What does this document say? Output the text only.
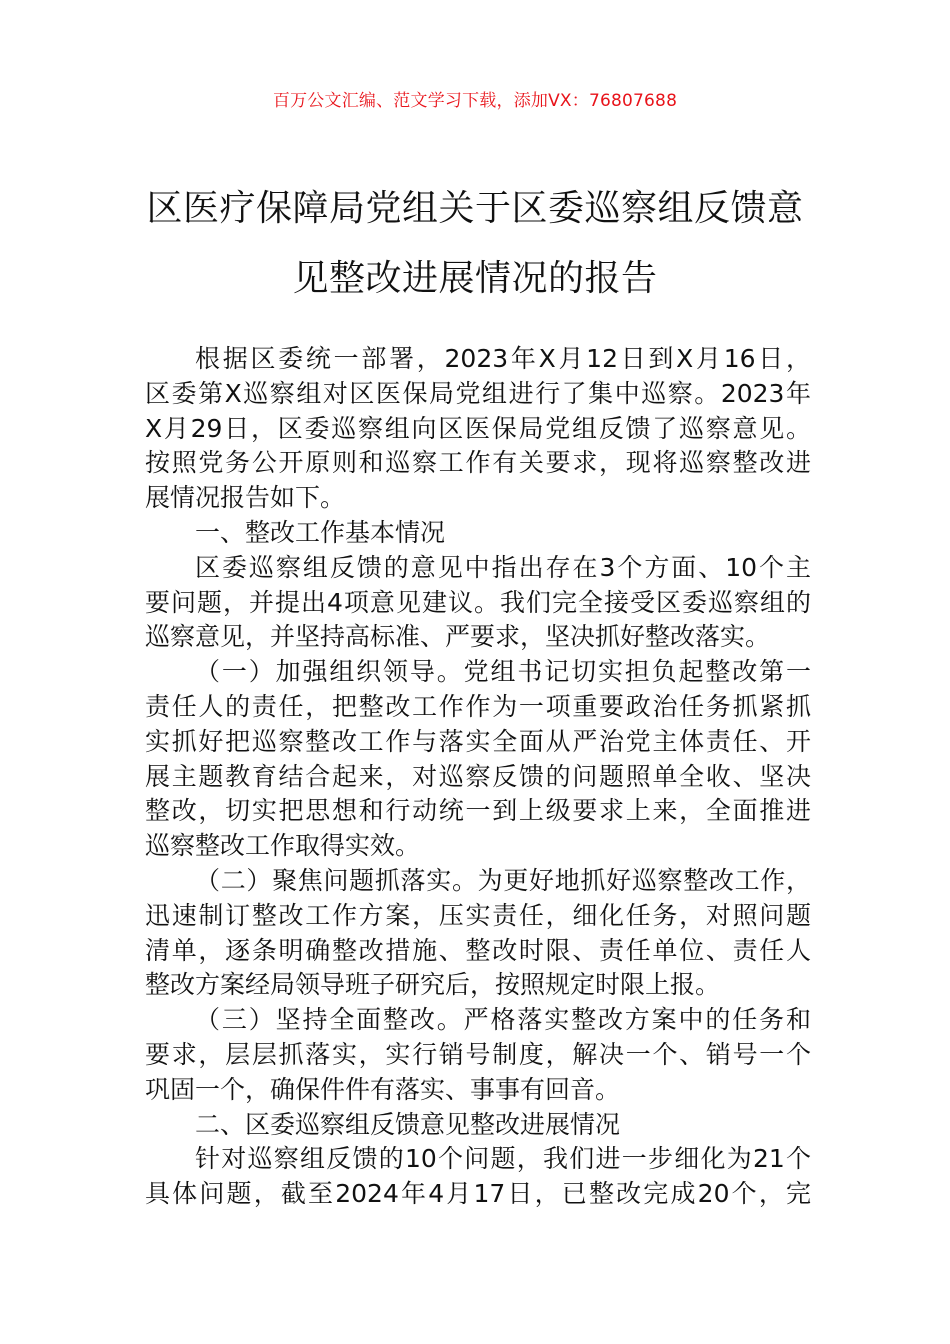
百万公文汇编、范文学习下载，添加VX：76807688
区医疗保障局党组关于区委巡察组反馈意
见整改进展情况的报告
根据区委统一部署，2023年X月12日到X月16日，
区委第X巡察组对区医保局党组进行了集中巡察。2023年
X月29日，区委巡察组向区医保局党组反馈了巡察意见。
按照党务公开原则和巡察工作有关要求，现将巡察整改进
展情况报告如下。
一、整改工作基本情况
区委巡察组反馈的意见中指出存在3个方面、10个主
要问题，并提出4项意见建议。我们完全接受区委巡察组的
巡察意见，并坚持高标准、严要求，坚决抓好整改落实。
（一）加强组织领导。党组书记切实担负起整改第一
责任人的责任，把整改工作作为一项重要政治任务抓紧抓
实抓好把巡察整改工作与落实全面从严治党主体责任、开
展主题教育结合起来，对巡察反馈的问题照单全收、坚决
整改，切实把思想和行动统一到上级要求上来，全面推进
巡察整改工作取得实效。
（二）聚焦问题抓落实。为更好地抓好巡察整改工作，
迅速制订整改工作方案，压实责任，细化任务，对照问题
清单，逐条明确整改措施、整改时限、责任单位、责任人
整改方案经局领导班子研究后，按照规定时限上报。
（三）坚持全面整改。严格落实整改方案中的任务和
要求，层层抓落实，实行销号制度，解决一个、销号一个
巩固一个，确保件件有落实、事事有回音。
二、区委巡察组反馈意见整改进展情况
针对巡察组反馈的10个问题，我们进一步细化为21个
具体问题，截至2024年4月17日，已整改完成20个，完
